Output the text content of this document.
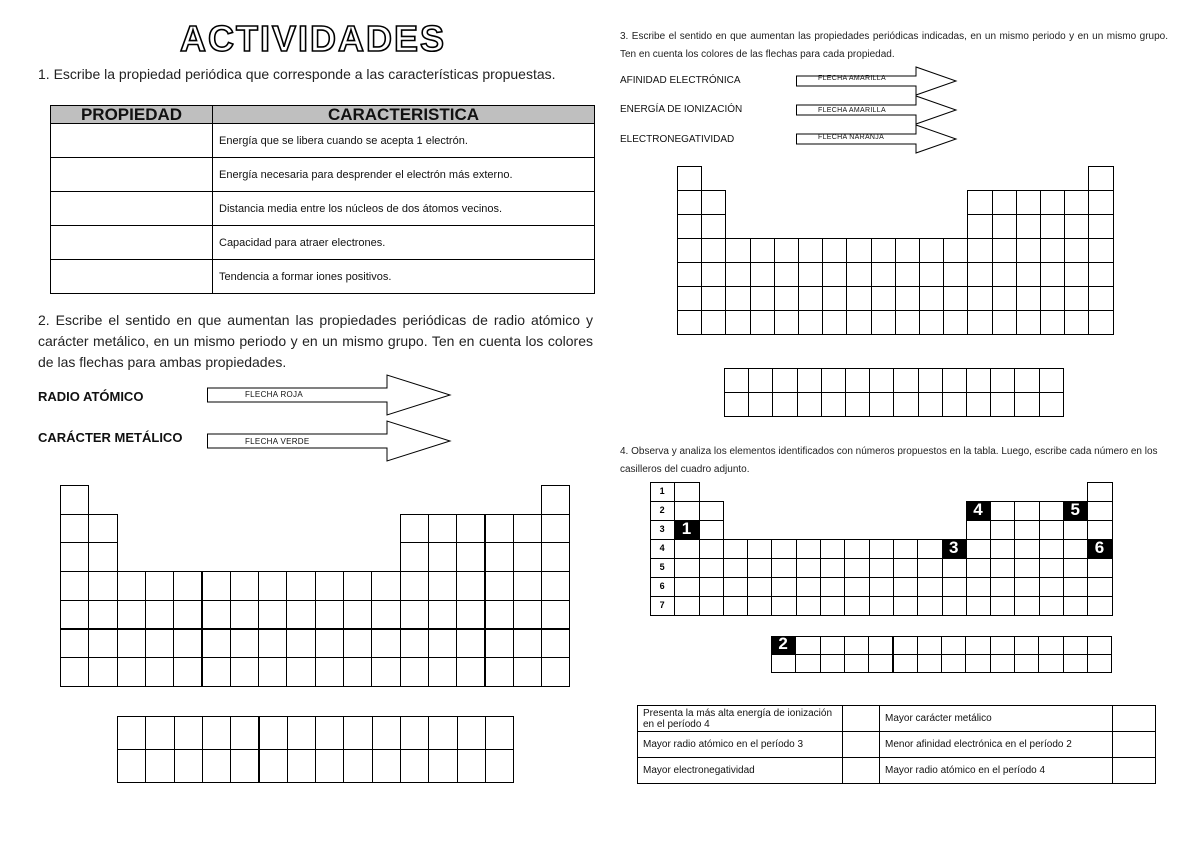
ACTIVIDADES
1. Escribe la propiedad periódica que corresponde a las características propuestas.
PROPIEDAD	CARACTERISTICA
	Energía que se libera cuando se acepta 1 electrón.
	Energía necesaria para desprender el electrón más externo.
	Distancia media entre los núcleos de dos átomos vecinos.
	Capacidad para atraer electrones.
	Tendencia a formar iones positivos.
2. Escribe el sentido en que aumentan las propiedades periódicas de radio atómico y carácter metálico, en un mismo periodo y en un mismo grupo. Ten en cuenta los colores de las flechas para ambas propiedades.
RADIO ATÓMICO	FLECHA ROJA
CARÁCTER METÁLICO	FLECHA VERDE
3. Escribe el sentido en que aumentan las propiedades periódicas indicadas, en un mismo periodo y en un mismo grupo. Ten en cuenta los colores de las flechas para cada propiedad.
AFINIDAD ELECTRÓNICA	FLECHA AMARILLA
ENERGÍA DE IONIZACIÓN	FLECHA AMARILLA
ELECTRONEGATIVIDAD	FLECHA NARANJA
4. Observa y analiza los elementos identificados con números propuestos en la tabla. Luego, escribe cada número en los casilleros del cuadro adjunto.
1
2
3
4
5
6
7
4	5
1
3	6
2
Presenta la más alta energía de ionización en el período 4		Mayor carácter metálico	
Mayor radio atómico en el período 3		Menor afinidad electrónica en el período 2	
Mayor electronegatividad		Mayor radio atómico en el período 4	
